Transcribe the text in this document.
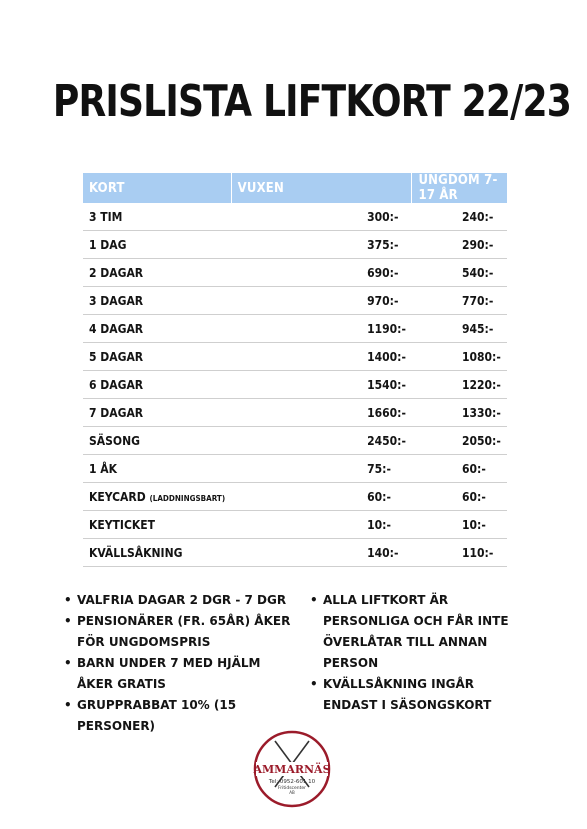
PRISLISTA LIFTKORT 22/23
KORT	VUXEN	UNGDOM 7-17 ÅR
3 TIM	300:-	240:-
1 DAG	375:-	290:-
2 DAGAR	690:-	540:-
3 DAGAR	970:-	770:-
4 DAGAR	1190:-	945:-
5 DAGAR	1400:-	1080:-
6 DAGAR	1540:-	1220:-
7 DAGAR	1660:-	1330:-
SÄSONG	2450:-	2050:-
1 ÅK	75:-	60:-
KEYCARD (LADDNINGSBART)	60:-	60:-
KEYTICKET	10:-	10:-
KVÄLLSÅKNING	140:-	110:-
• VALFRIA DAGAR 2 DGR - 7 DGR
• PENSIONÄRER (FR. 65ÅR) ÅKER FÖR UNGDOMSPRIS
• BARN UNDER 7 MED HJÄLM ÅKER GRATIS
• GRUPPRABBAT 10% (15 PERSONER)
• ALLA LIFTKORT ÄR PERSONLIGA OCH FÅR INTE ÖVERLÅTAR TILL ANNAN PERSON
• KVÄLLSÅKNING INGÅR ENDAST I SÄSONGSKORT
AMMARNÄS
Tel: 0952-601 10
Fritidscenter
AB
